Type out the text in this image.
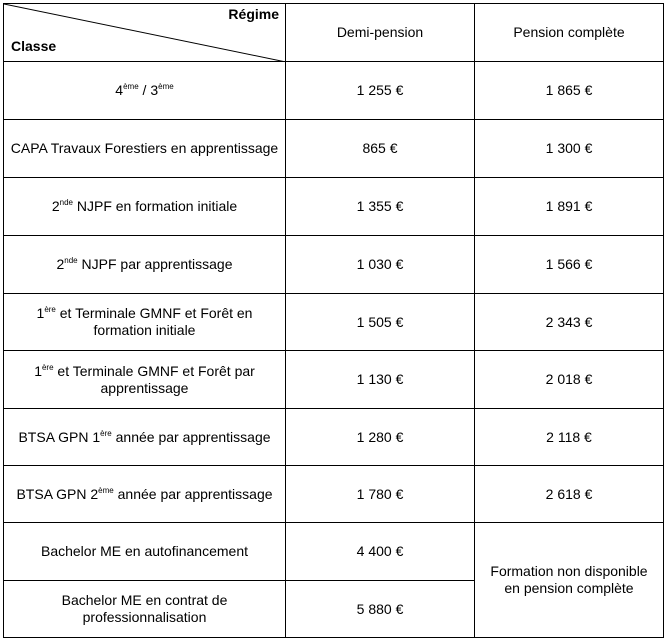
Régime
Classe	Demi-pension	Pension complète
4ème / 3ème	1 255 €	1 865 €
CAPA Travaux Forestiers en apprentissage	865 €	1 300 €
2nde NJPF en formation initiale	1 355 €	1 891 €
2nde NJPF par apprentissage	1 030 €	1 566 €
1ère et Terminale GMNF et Forêt en formation initiale	1 505 €	2 343 €
1ère et Terminale GMNF et Forêt par apprentissage	1 130 €	2 018 €
BTSA GPN 1ère année par apprentissage	1 280 €	2 118 €
BTSA GPN 2ème année par apprentissage	1 780 €	2 618 €
Bachelor ME en autofinancement	4 400 €	Formation non disponible en pension complète
Bachelor ME en contrat de professionnalisation	5 880 €	
